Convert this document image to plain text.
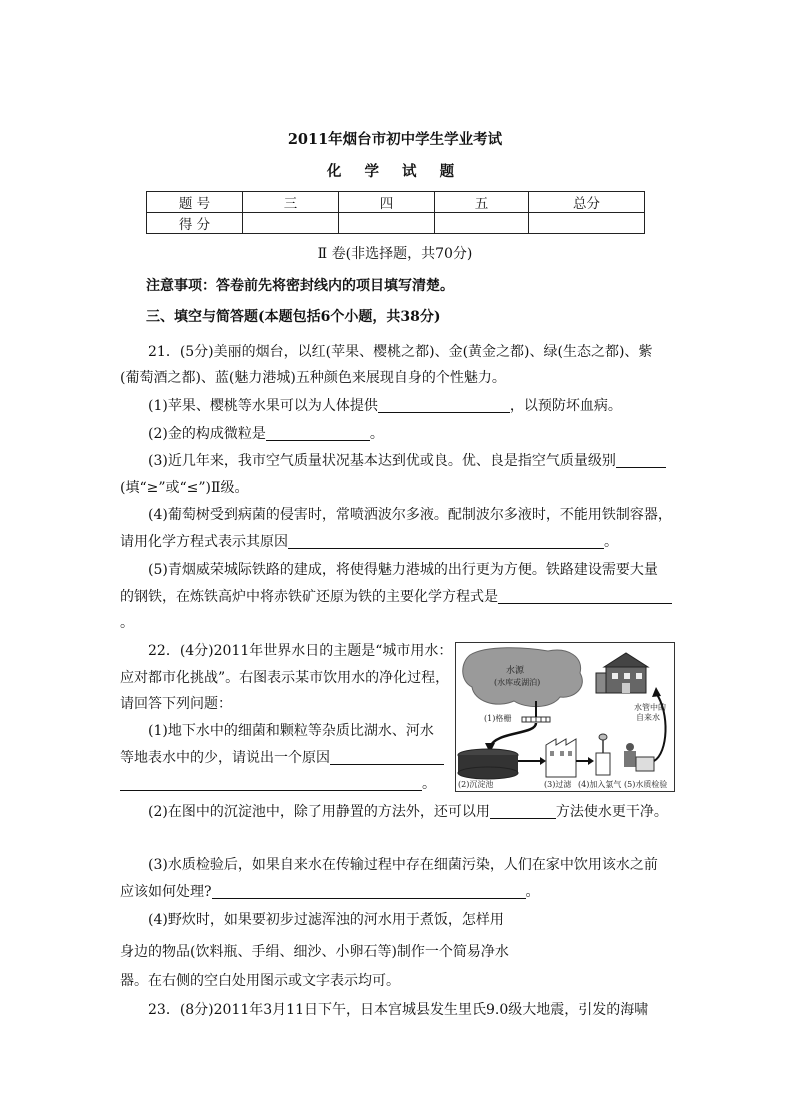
2011年烟台市初中学生学业考试
化 学 试 题
题 号	三	四	五	总分
得 分				
Ⅱ 卷(非选择题，共70分)
注意事项：答卷前先将密封线内的项目填写清楚。
三、填空与简答题(本题包括6个小题，共38分)
21．(5分)美丽的烟台，以红(苹果、樱桃之都)、金(黄金之都)、绿(生态之都)、紫
(葡萄酒之都)、蓝(魅力港城)五种颜色来展现自身的个性魅力。
(1)苹果、樱桃等水果可以为人体提供	，以预防坏血病。
(2)金的构成微粒是	。
(3)近几年来，我市空气质量状况基本达到优或良。优、良是指空气质量级别
(填“≥”或“≤”)Ⅱ级。
(4)葡萄树受到病菌的侵害时，常喷洒波尔多液。配制波尔多液时，不能用铁制容器，
请用化学方程式表示其原因	。
(5)青烟威荣城际铁路的建成，将使得魅力港城的出行更为方便。铁路建设需要大量
的钢铁，在炼铁高炉中将赤铁矿还原为铁的主要化学方程式是
。
22．(4分)2011年世界水日的主题是“城市用水：
应对都市化挑战”。右图表示某市饮用水的净化过程，
请回答下列问题：
(1)地下水中的细菌和颗粒等杂质比湖水、河水
等地表水中的少，请说出一个原因
。
(2)在图中的沉淀池中，除了用静置的方法外，还可以用	方法使水更干净。
(3)水质检验后，如果自来水在传输过程中存在细菌污染，人们在家中饮用该水之前
应该如何处理?	。
(4)野炊时，如果要初步过滤浑浊的河水用于煮饭，怎样用
身边的物品(饮料瓶、手绢、细沙、小卵石等)制作一个简易净水
器。在右侧的空白处用图示或文字表示均可。
23．(8分)2011年3月11日下午，日本宫城县发生里氏9.0级大地震，引发的海啸
水源
(水库或湖泊)
(1)格栅
水管中的
自来水
(2)沉淀池	(3)过滤 (4)加入氯气 (5)水质检验
